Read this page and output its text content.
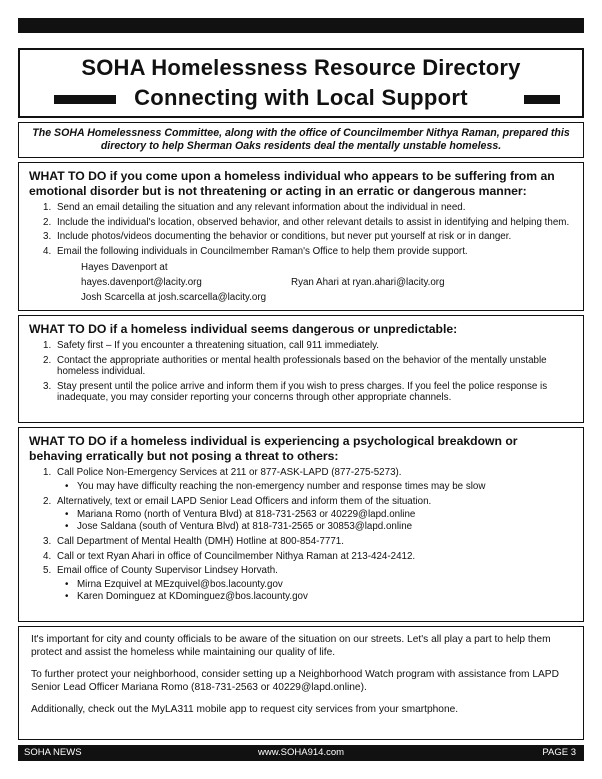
SOHA Homelessness Resource Directory
Connecting with Local Support
The SOHA Homelessness Committee, along with the office of Councilmember Nithya Raman, prepared this directory to help Sherman Oaks residents deal the mentally unstable homeless.
WHAT TO DO if you come upon a homeless individual who appears to be suffering from an emotional disorder but is not threatening or acting in an erratic or dangerous manner:
1. Send an email detailing the situation and any relevant information about the individual in need.
2. Include the individual's location, observed behavior, and other relevant details to assist in identifying and helping them.
3. Include photos/videos documenting the behavior or conditions, but never put yourself at risk or in danger.
4. Email the following individuals in Councilmember Raman's Office to help them provide support.
Hayes Davenport at hayes.davenport@lacity.org	Ryan Ahari at ryan.ahari@lacity.org
Josh Scarcella at josh.scarcella@lacity.org
WHAT TO DO if a homeless individual seems dangerous or unpredictable:
1. Safety first – If you encounter a threatening situation, call 911 immediately.
2. Contact the appropriate authorities or mental health professionals based on the behavior of the mentally unstable homeless individual.
3. Stay present until the police arrive and inform them if you wish to press charges. If you feel the police response is inadequate, you may consider reporting your concerns through other appropriate channels.
WHAT TO DO if a homeless individual is experiencing a psychological breakdown or behaving erratically but not posing a threat to others:
1. Call Police Non-Emergency Services at 211 or 877-ASK-LAPD (877-275-5273).
• You may have difficulty reaching the non-emergency number and response times may be slow
2. Alternatively, text or email LAPD Senior Lead Officers and inform them of the situation.
• Mariana Romo (north of Ventura Blvd) at 818-731-2563 or 40229@lapd.online
• Jose Saldana (south of Ventura Blvd) at 818-731-2565 or 30853@lapd.online
3. Call Department of Mental Health (DMH) Hotline at 800-854-7771.
4. Call or text Ryan Ahari in office of Councilmember Nithya Raman at 213-424-2412.
5. Email office of County Supervisor Lindsey Horvath.
• Mirna Ezquivel at MEzquivel@bos.lacounty.gov
• Karen Dominguez at KDominguez@bos.lacounty.gov

It's important for city and county officials to be aware of the situation on our streets. Let's all play a part to help them protect and assist the homeless while maintaining our quality of life.

To further protect your neighborhood, consider setting up a Neighborhood Watch program with assistance from LAPD Senior Lead Officer Mariana Romo (818-731-2563 or 40229@lapd.online).

Additionally, check out the MyLA311 mobile app to request city services from your smartphone.

SOHA NEWS	www.SOHA914.com	PAGE 3
